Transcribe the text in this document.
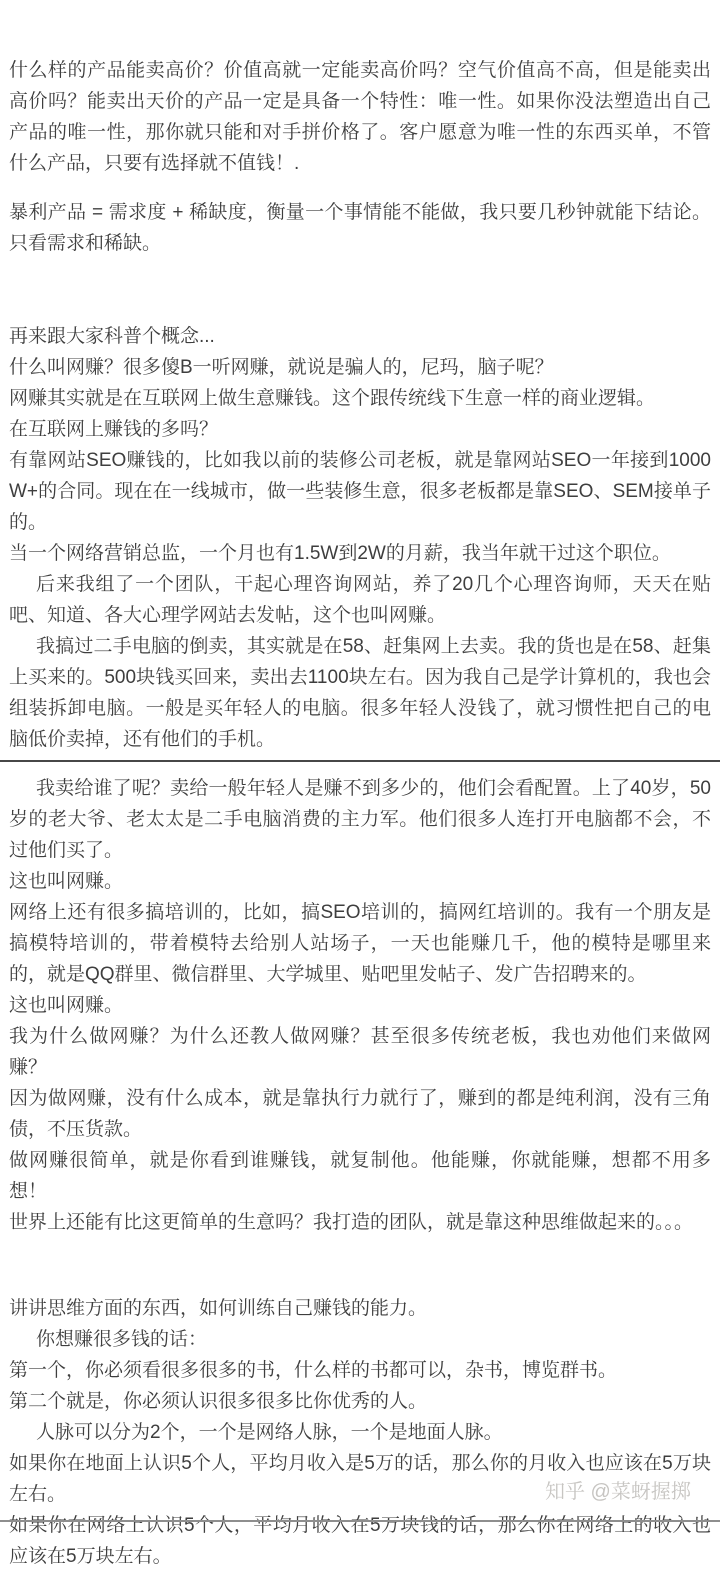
什么样的产品能卖高价？价值高就一定能卖高价吗？空气价值高不高，但是能卖出高价吗？能卖出天价的产品一定是具备一个特性：唯一性。如果你没法塑造出自己产品的唯一性，那你就只能和对手拼价格了。客户愿意为唯一性的东西买单，不管什么产品，只要有选择就不值钱！.

暴利产品 = 需求度 + 稀缺度，衡量一个事情能不能做，我只要几秒钟就能下结论。只看需求和稀缺。

再来跟大家科普个概念...

什么叫网赚？很多傻B一听网赚，就说是骗人的，尼玛，脑子呢？

网赚其实就是在互联网上做生意赚钱。这个跟传统线下生意一样的商业逻辑。

在互联网上赚钱的多吗？

有靠网站SEO赚钱的，比如我以前的装修公司老板，就是靠网站SEO一年接到1000W+的合同。现在在一线城市，做一些装修生意，很多老板都是靠SEO、SEM接单子的。

当一个网络营销总监，一个月也有1.5W到2W的月薪，我当年就干过这个职位。

后来我组了一个团队，干起心理咨询网站，养了20几个心理咨询师，天天在贴吧、知道、各大心理学网站去发帖，这个也叫网赚。

我搞过二手电脑的倒卖，其实就是在58、赶集网上去卖。我的货也是在58、赶集上买来的。500块钱买回来，卖出去1100块左右。因为我自己是学计算机的，我也会组装拆卸电脑。一般是买年轻人的电脑。很多年轻人没钱了，就习惯性把自己的电脑低价卖掉，还有他们的手机。

我卖给谁了呢？卖给一般年轻人是赚不到多少的，他们会看配置。上了40岁，50岁的老大爷、老太太是二手电脑消费的主力军。他们很多人连打开电脑都不会，不过他们买了。

这也叫网赚。

网络上还有很多搞培训的，比如，搞SEO培训的，搞网红培训的。我有一个朋友是搞模特培训的，带着模特去给别人站场子，一天也能赚几千，他的模特是哪里来的，就是QQ群里、微信群里、大学城里、贴吧里发帖子、发广告招聘来的。

这也叫网赚。

我为什么做网赚？为什么还教人做网赚？甚至很多传统老板，我也劝他们来做网赚？

因为做网赚，没有什么成本，就是靠执行力就行了，赚到的都是纯利润，没有三角债，不压货款。

做网赚很简单，就是你看到谁赚钱，就复制他。他能赚，你就能赚，想都不用多想！

世界上还能有比这更简单的生意吗？我打造的团队，就是靠这种思维做起来的。。。

讲讲思维方面的东西，如何训练自己赚钱的能力。

你想赚很多钱的话：

第一个，你必须看很多很多的书，什么样的书都可以，杂书，博览群书。

第二个就是，你必须认识很多很多比你优秀的人。

人脉可以分为2个，一个是网络人脉，一个是地面人脉。

如果你在地面上认识5个人，平均月收入是5万的话，那么你的月收入也应该在5万块左右。

如果你在网络上认识5个人，平均月收入在5万块钱的话，那么你在网络上的收入也应该在5万块左右。

知乎 @菜蚜握掷
